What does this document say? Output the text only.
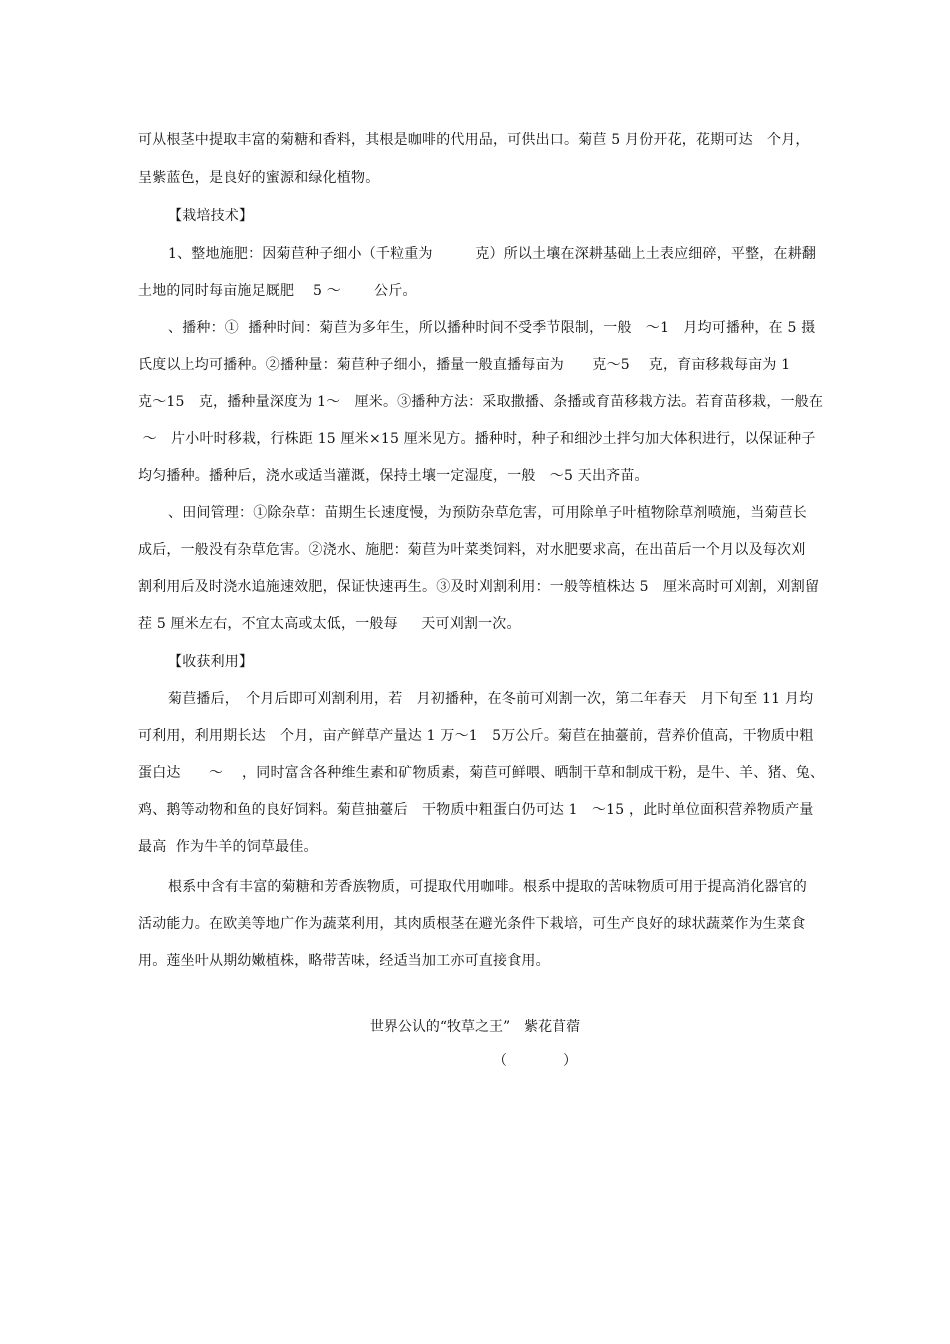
可从根茎中提取丰富的菊糖和香料，其根是咖啡的代用品，可供出口。菊苣 5 月份开花，花期可达　个月，
呈紫蓝色，是良好的蜜源和绿化植物。
【栽培技术】
1、整地施肥：因菊苣种子细小（千粒重为　　　克）所以土壤在深耕基础上土表应细碎，平整，在耕翻
土地的同时每亩施足厩肥　 5 ～　　 公斤。
、播种：①  播种时间：菊苣为多年生，所以播种时间不受季节限制，一般　～1　月均可播种，在 5 摄
氏度以上均可播种。②播种量：菊苣种子细小，播量一般直播每亩为　　克～5　 克，育亩移栽每亩为 1
克～15　克，播种量深度为 1～　厘米。③播种方法：采取撒播、条播或育苗移栽方法。若育苗移栽，一般在
～　片小叶时移栽，行株距 15 厘米×15 厘米见方。播种时，种子和细沙土拌匀加大体积进行，以保证种子
均匀播种。播种后，浇水或适当灌溉，保持土壤一定湿度，一般　～5 天出齐苗。
、田间管理：①除杂草：苗期生长速度慢，为预防杂草危害，可用除单子叶植物除草剂喷施，当菊苣长
成后，一般没有杂草危害。②浇水、施肥：菊苣为叶菜类饲料，对水肥要求高，在出苗后一个月以及每次刈
割利用后及时浇水追施速效肥，保证快速再生。③及时刈割利用：一般等植株达 5　厘米高时可刈割，刈割留
茬 5 厘米左右，不宜太高或太低，一般每　  天可刈割一次。
【收获利用】
菊苣播后，　个月后即可刈割利用，若　月初播种，在冬前可刈割一次，第二年春天　月下旬至 11 月均
可利用，利用期长达　个月，亩产鲜草产量达 1 万～1　5万公斤。菊苣在抽薹前，营养价值高，干物质中粗
蛋白达　　～　 ，同时富含各种维生素和矿物质素，菊苣可鲜喂、晒制干草和制成干粉，是牛、羊、猪、兔、
鸡、鹅等动物和鱼的良好饲料。菊苣抽薹后　干物质中粗蛋白仍可达 1　～15 ，此时单位面积营养物质产量
最高  作为牛羊的饲草最佳。
根系中含有丰富的菊糖和芳香族物质，可提取代用咖啡。根系中提取的苦味物质可用于提高消化器官的
活动能力。在欧美等地广作为蔬菜利用，其肉质根茎在避光条件下栽培，可生产良好的球状蔬菜作为生菜食
用。莲坐叶从期幼嫩植株，略带苦味，经适当加工亦可直接食用。
世界公认的“牧草之王”　紫花苜蓿
（　　　　）
